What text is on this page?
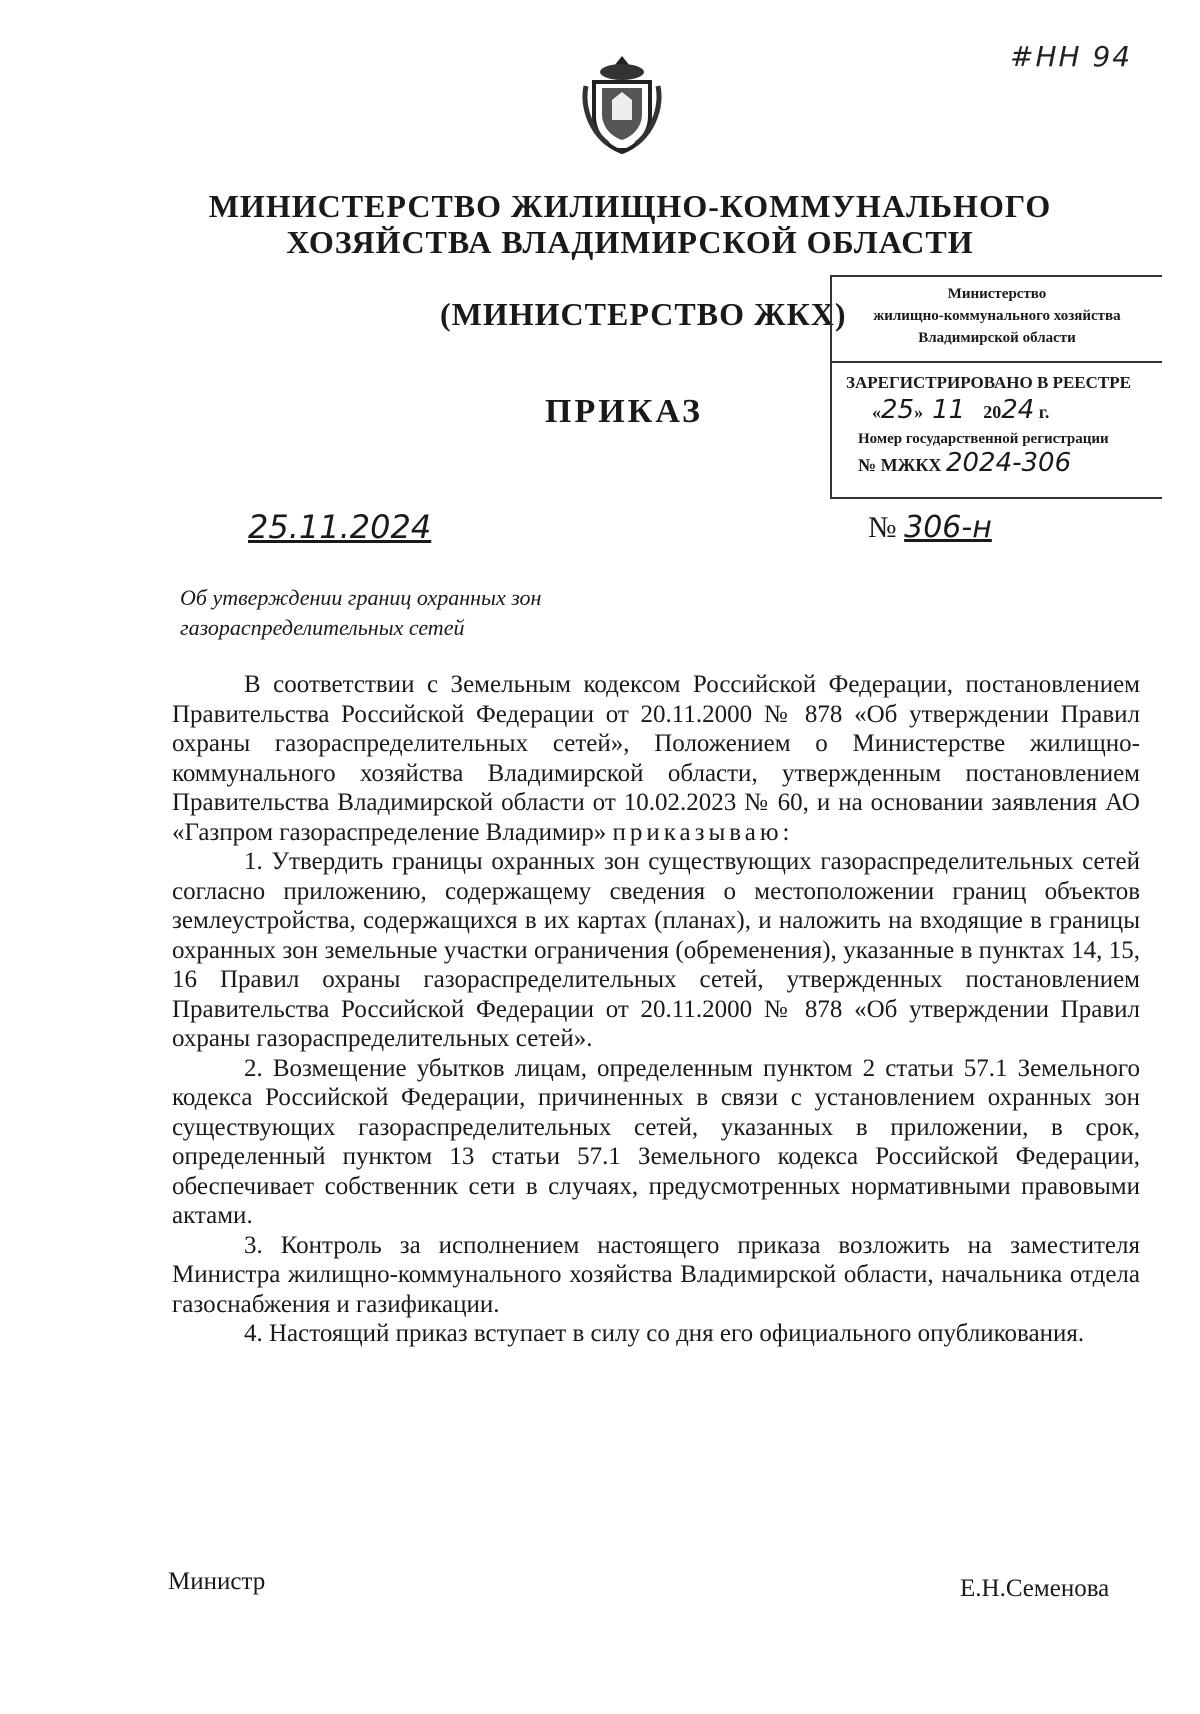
#НН 94
МИНИСТЕРСТВО ЖИЛИЩНО-КОММУНАЛЬНОГО
ХОЗЯЙСТВА ВЛАДИМИРСКОЙ ОБЛАСТИ
(МИНИСТЕРСТВО ЖКХ)
ПРИКАЗ
Министерство
жилищно-коммунального хозяйства
Владимирской области
ЗАРЕГИСТРИРОВАНО В РЕЕСТРЕ
«25»  11 2024 г.
Номер государственной регистрации
№ МЖКХ 2024-306
25.11.2024	№ 306-н
Об утверждении границ охранных зон
газораспределительных сетей

В соответствии с Земельным кодексом Российской Федерации, постановлением Правительства Российской Федерации от 20.11.2000 № 878 «Об утверждении Правил охраны газораспределительных сетей», Положением о Министерстве жилищно-коммунального хозяйства Владимирской области, утвержденным постановлением Правительства Владимирской области от 10.02.2023 № 60, и на основании заявления АО «Газпром газораспределение Владимир» приказываю:

1. Утвердить границы охранных зон существующих газораспределительных сетей согласно приложению, содержащему сведения о местоположении границ объектов землеустройства, содержащихся в их картах (планах), и наложить на входящие в границы охранных зон земельные участки ограничения (обременения), указанные в пунктах 14, 15, 16 Правил охраны газораспределительных сетей, утвержденных постановлением Правительства Российской Федерации от 20.11.2000 № 878 «Об утверждении Правил охраны газораспределительных сетей».

2. Возмещение убытков лицам, определенным пунктом 2 статьи 57.1 Земельного кодекса Российской Федерации, причиненных в связи с установлением охранных зон существующих газораспределительных сетей, указанных в приложении, в срок, определенный пунктом 13 статьи 57.1 Земельного кодекса Российской Федерации, обеспечивает собственник сети в случаях, предусмотренных нормативными правовыми актами.

3. Контроль за исполнением настоящего приказа возложить на заместителя Министра жилищно-коммунального хозяйства Владимирской области, начальника отдела газоснабжения и газификации.

4. Настоящий приказ вступает в силу со дня его официального опубликования.

Министр	Е.Н.Семенова
